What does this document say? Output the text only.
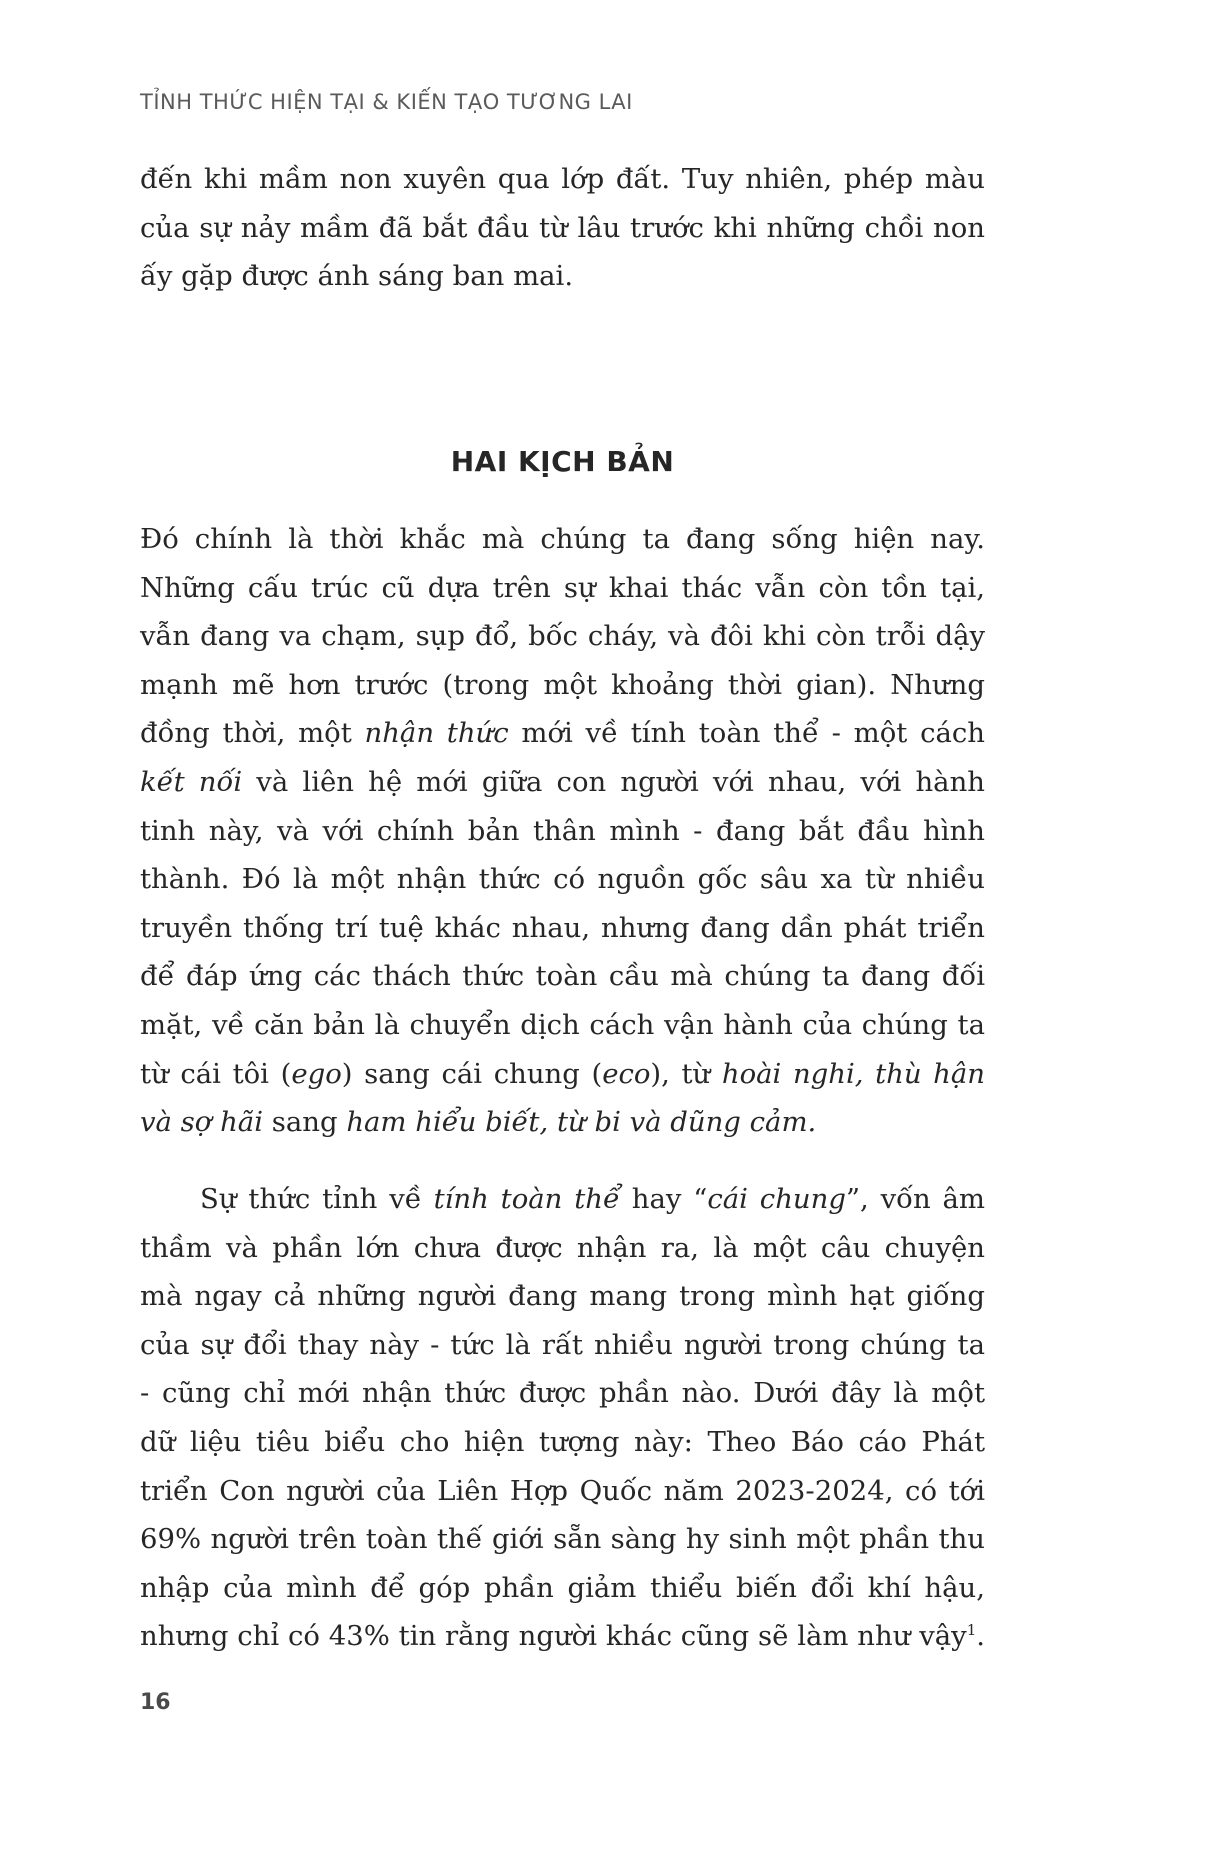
TỈNH THỨC HIỆN TẠI & KIẾN TẠO TƯƠNG LAI

đến khi mầm non xuyên qua lớp đất. Tuy nhiên, phép màu
của sự nảy mầm đã bắt đầu từ lâu trước khi những chồi non
ấy gặp được ánh sáng ban mai.

HAI KỊCH BẢN

Đó chính là thời khắc mà chúng ta đang sống hiện nay.
Những cấu trúc cũ dựa trên sự khai thác vẫn còn tồn tại,
vẫn đang va chạm, sụp đổ, bốc cháy, và đôi khi còn trỗi dậy
mạnh mẽ hơn trước (trong một khoảng thời gian). Nhưng
đồng thời, một nhận thức mới về tính toàn thể - một cách
kết nối và liên hệ mới giữa con người với nhau, với hành
tinh này, và với chính bản thân mình - đang bắt đầu hình
thành. Đó là một nhận thức có nguồn gốc sâu xa từ nhiều
truyền thống trí tuệ khác nhau, nhưng đang dần phát triển
để đáp ứng các thách thức toàn cầu mà chúng ta đang đối
mặt, về căn bản là chuyển dịch cách vận hành của chúng ta
từ cái tôi (ego) sang cái chung (eco), từ hoài nghi, thù hận
và sợ hãi sang ham hiểu biết, từ bi và dũng cảm.

Sự thức tỉnh về tính toàn thể hay “cái chung”, vốn âm
thầm và phần lớn chưa được nhận ra, là một câu chuyện
mà ngay cả những người đang mang trong mình hạt giống
của sự đổi thay này - tức là rất nhiều người trong chúng ta
- cũng chỉ mới nhận thức được phần nào. Dưới đây là một
dữ liệu tiêu biểu cho hiện tượng này: Theo Báo cáo Phát
triển Con người của Liên Hợp Quốc năm 2023-2024, có tới
69% người trên toàn thế giới sẵn sàng hy sinh một phần thu
nhập của mình để góp phần giảm thiểu biến đổi khí hậu,
nhưng chỉ có 43% tin rằng người khác cũng sẽ làm như vậy$^1$.

16
